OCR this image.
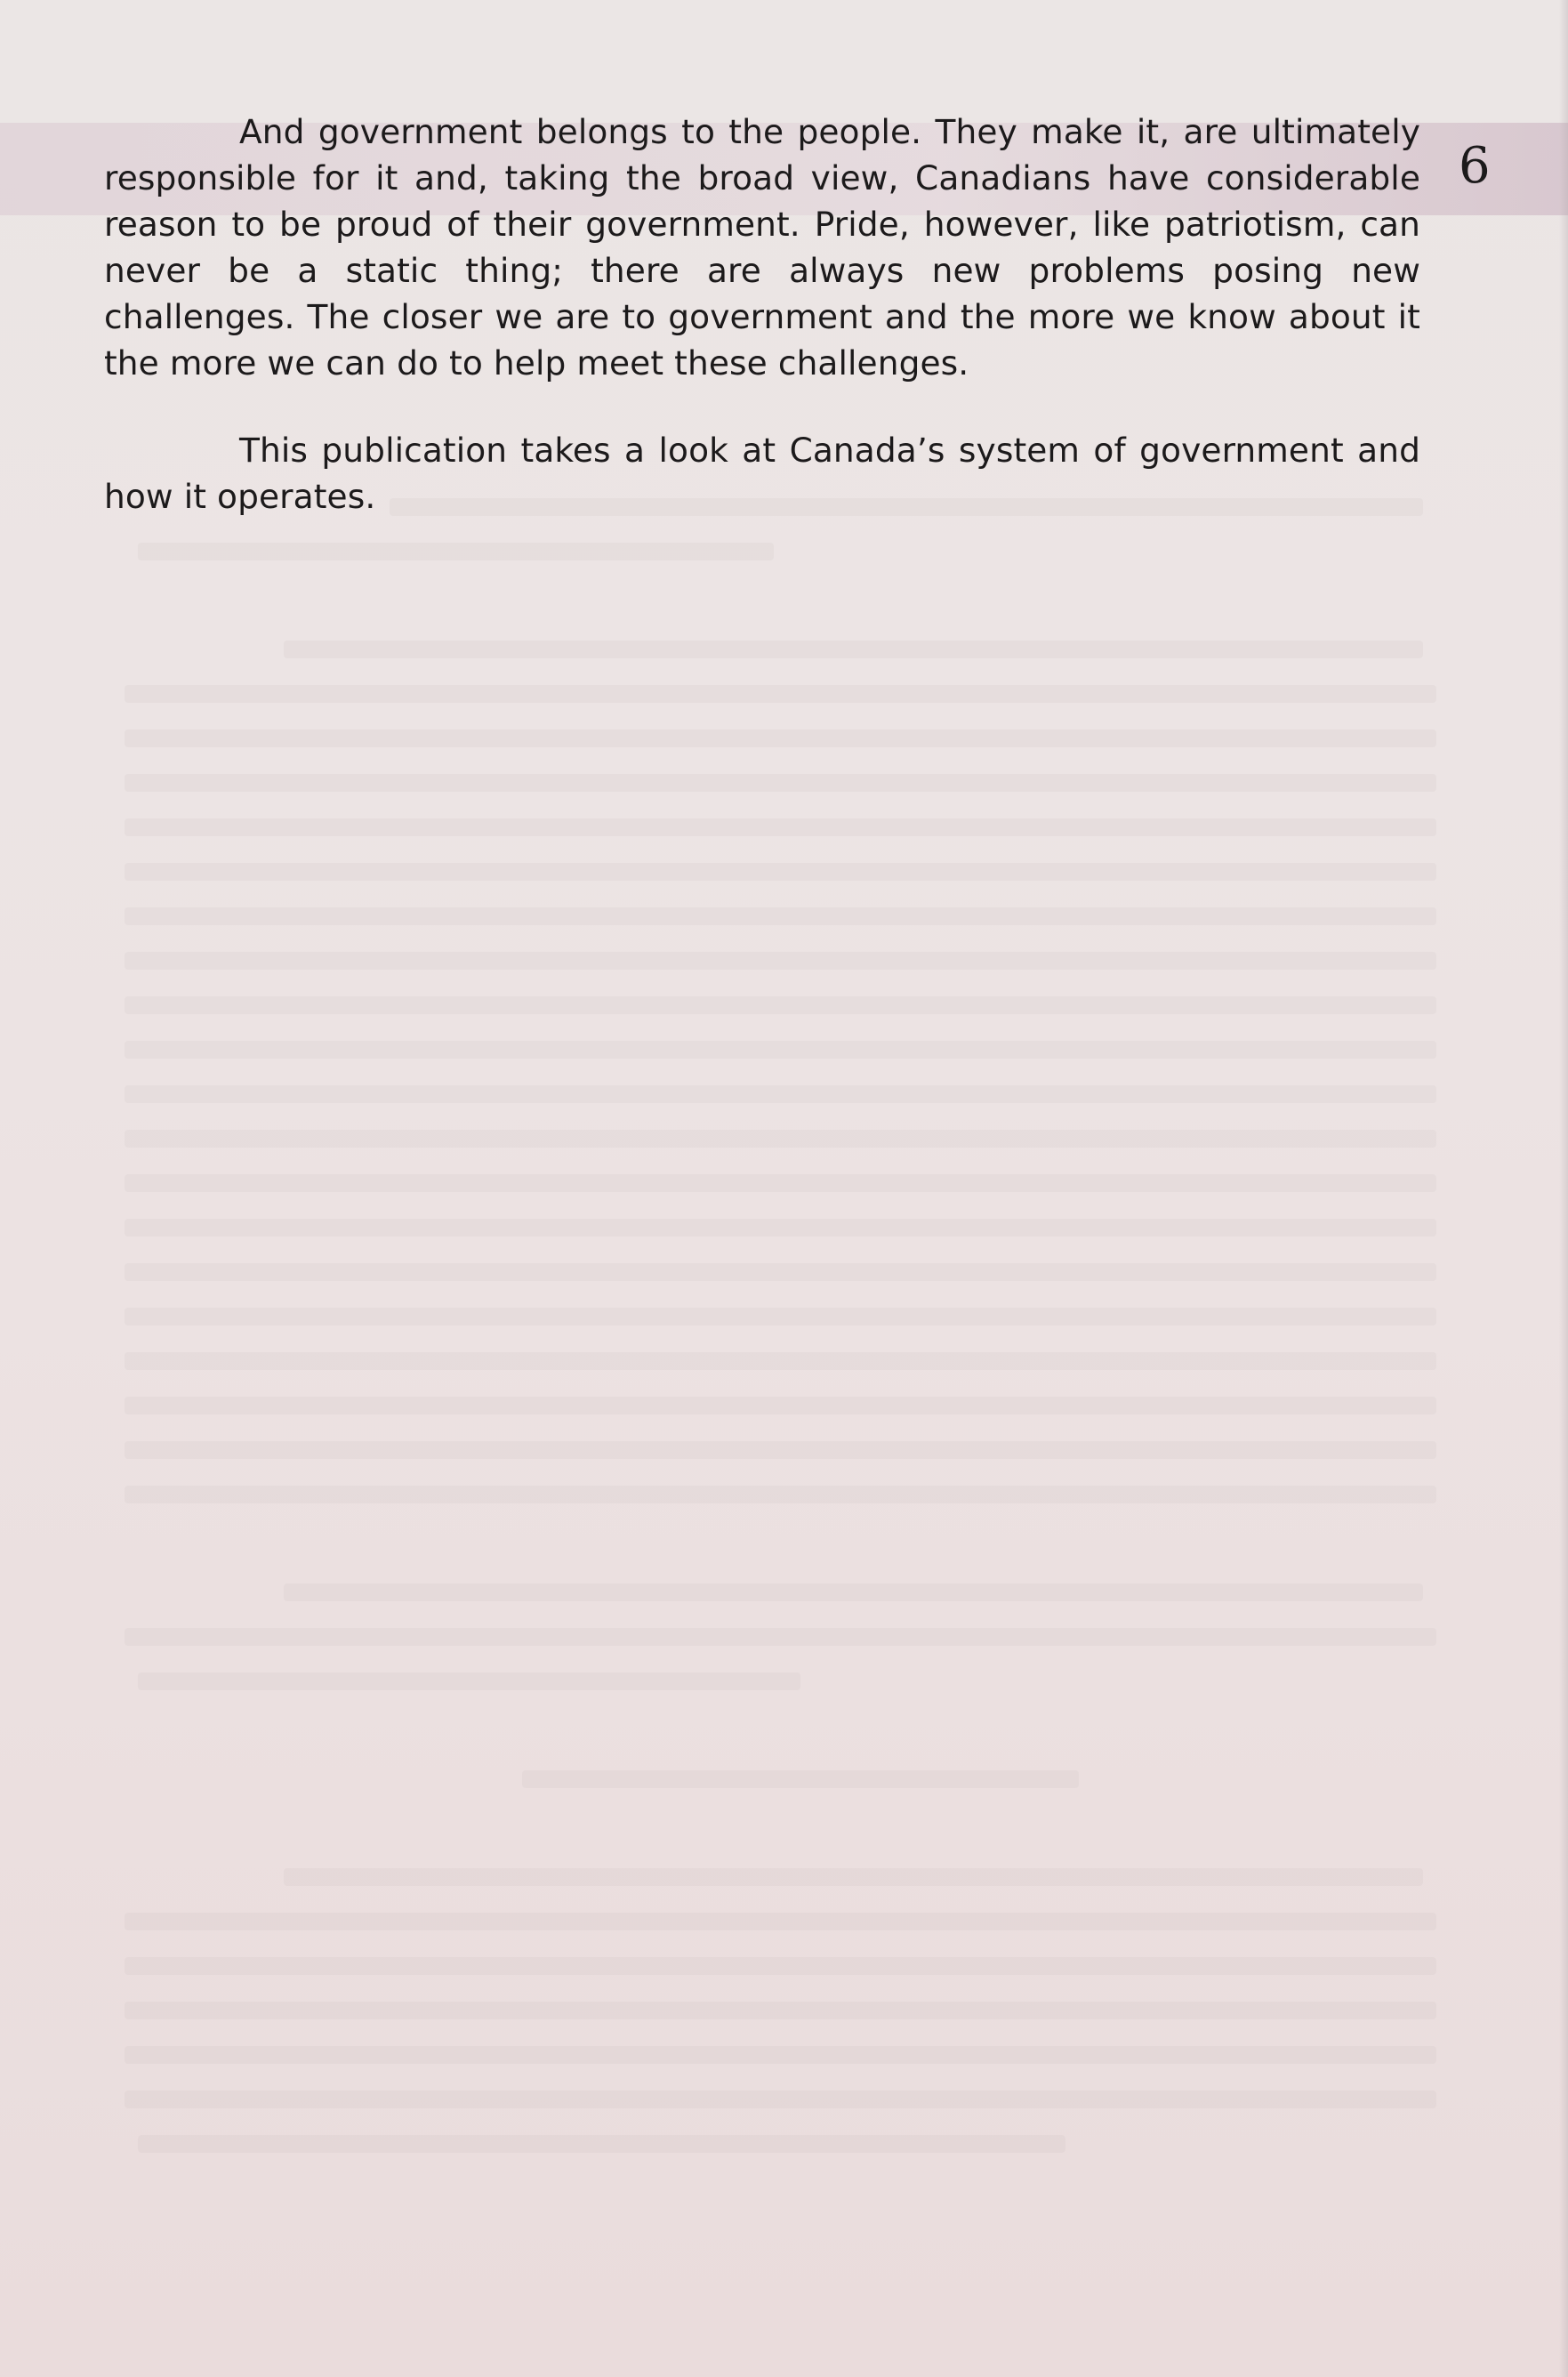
6

And government belongs to the people. They make it, are ultimately responsible for it and, taking the broad view, Canadians have considerable reason to be proud of their government. Pride, however, like patriotism, can never be a static thing; there are always new problems posing new challenges. The closer we are to government and the more we know about it the more we can do to help meet these challenges.

This publication takes a look at Canada’s system of government and how it operates.
